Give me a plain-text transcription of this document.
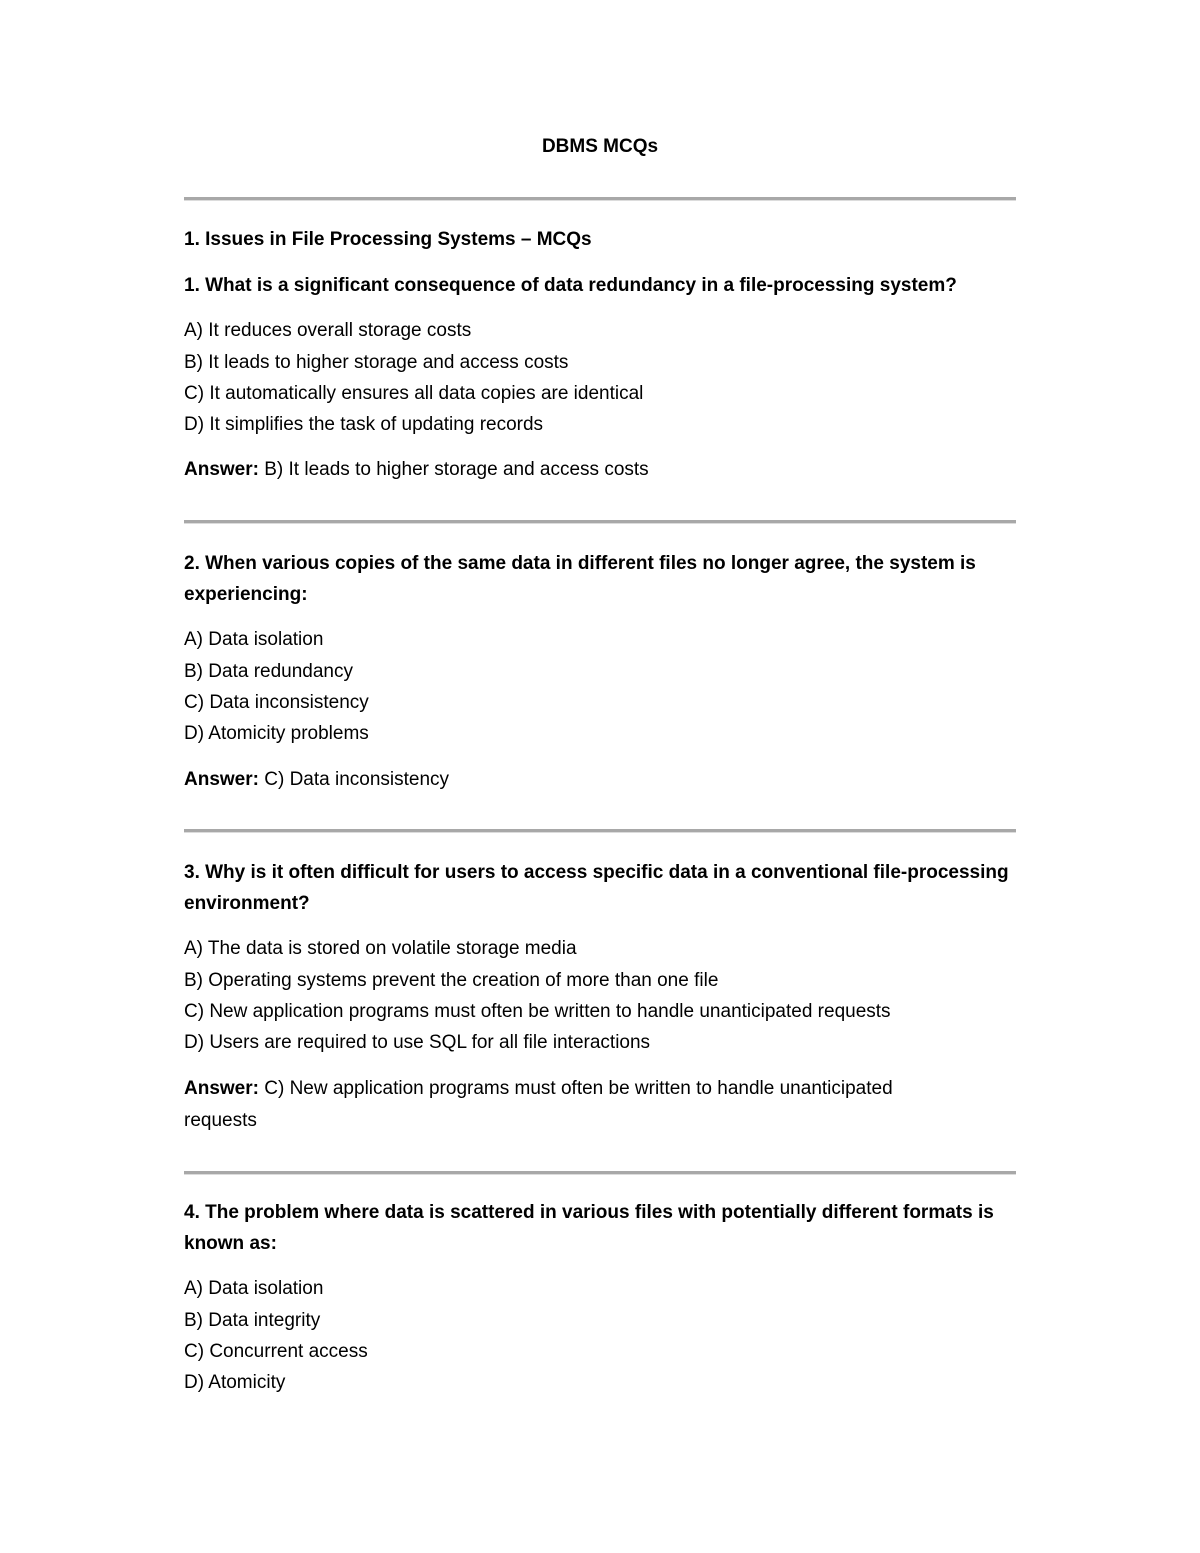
DBMS MCQs

1. Issues in File Processing Systems – MCQs

1. What is a significant consequence of data redundancy in a file-processing system?

A) It reduces overall storage costs

B) It leads to higher storage and access costs

C) It automatically ensures all data copies are identical

D) It simplifies the task of updating records

Answer: B) It leads to higher storage and access costs

2. When various copies of the same data in different files no longer agree, the system is

experiencing:

A) Data isolation

B) Data redundancy

C) Data inconsistency

D) Atomicity problems

Answer: C) Data inconsistency

3. Why is it often difficult for users to access specific data in a conventional file-processing

environment?

A) The data is stored on volatile storage media

B) Operating systems prevent the creation of more than one file

C) New application programs must often be written to handle unanticipated requests

D) Users are required to use SQL for all file interactions

Answer: C) New application programs must often be written to handle unanticipated

requests

4. The problem where data is scattered in various files with potentially different formats is

known as:

A) Data isolation

B) Data integrity

C) Concurrent access

D) Atomicity
